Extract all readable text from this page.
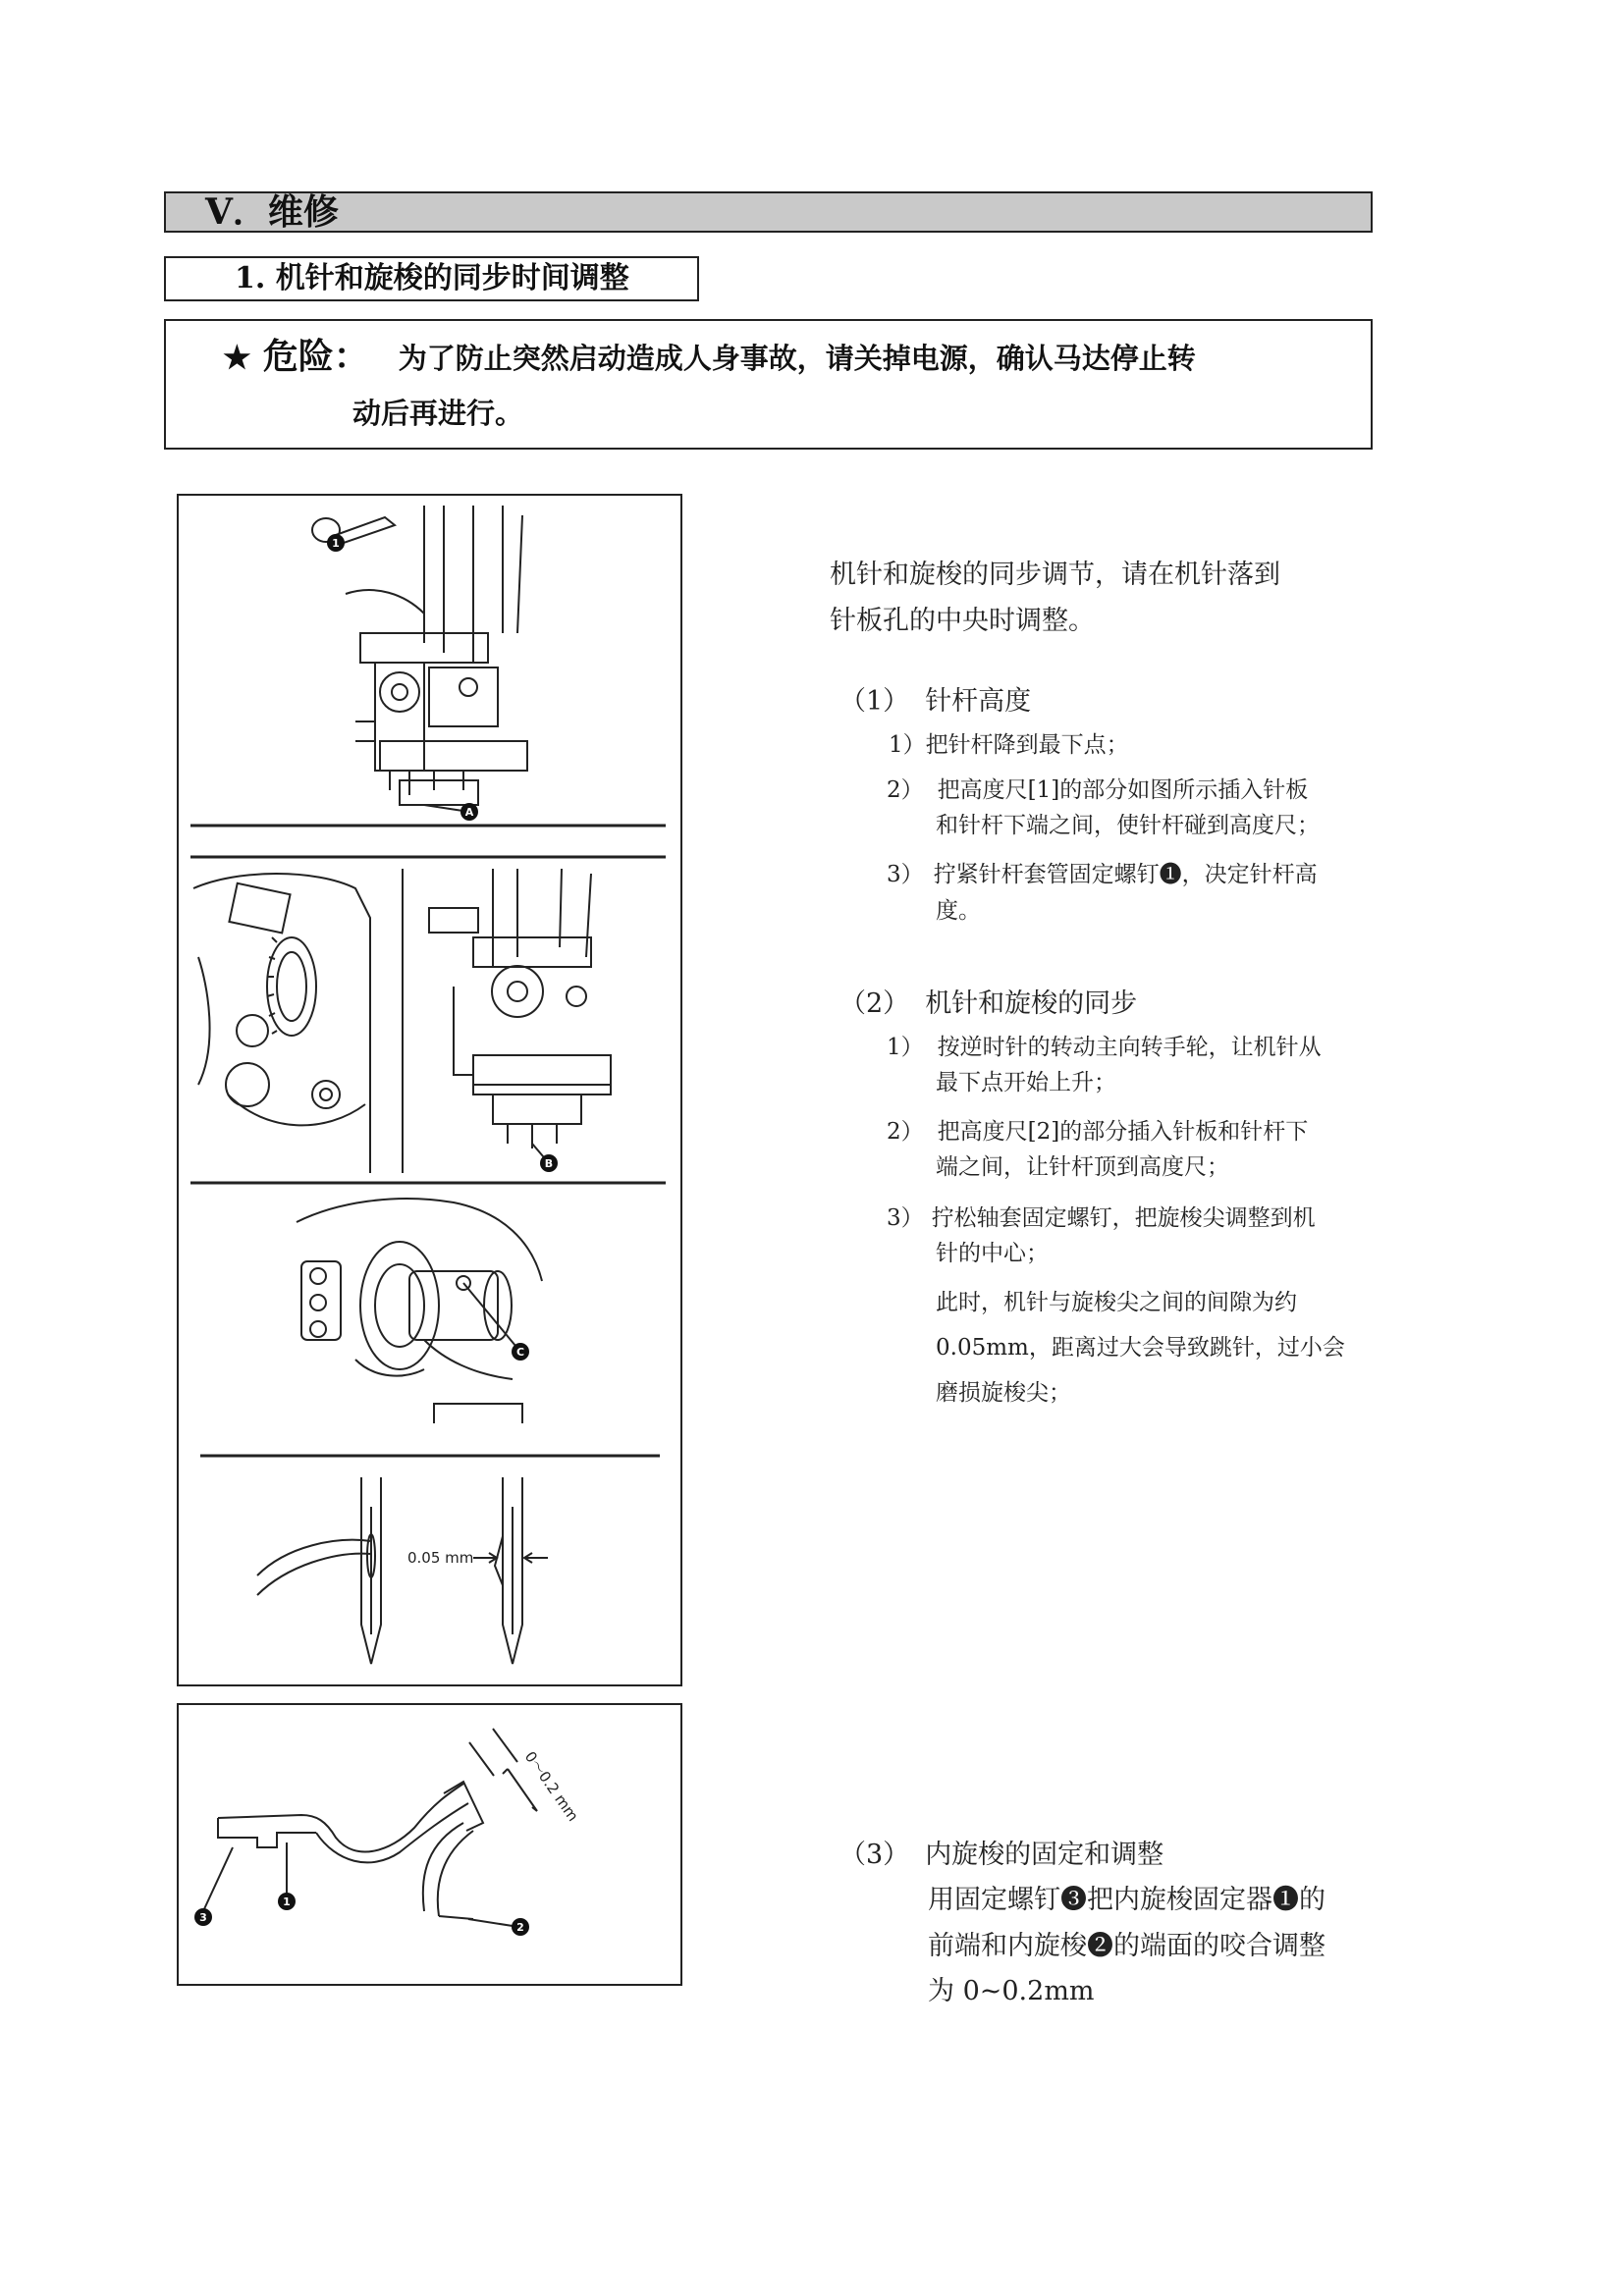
V．维修
1. 机针和旋梭的同步时间调整
★ 危险： 为了防止突然启动造成人身事故，请关掉电源，确认马达停止转
动后再进行。
1
A
B
C
0.05 mm
3
1
2
0～0.2 mm
机针和旋梭的同步调节，请在机针落到
针板孔的中央时调整。
（1） 针杆高度
1）把针杆降到最下点；
2） 把高度尺[1]的部分如图所示插入针板
和针杆下端之间，使针杆碰到高度尺；
3） 拧紧针杆套管固定螺钉❶，决定针杆高
度。
（2） 机针和旋梭的同步
1） 按逆时针的转动主向转手轮，让机针从
最下点开始上升；
2） 把高度尺[2]的部分插入针板和针杆下
端之间，让针杆顶到高度尺；
3） 拧松轴套固定螺钉，把旋梭尖调整到机
针的中心；
此时，机针与旋梭尖之间的间隙为约
0.05mm，距离过大会导致跳针，过小会
磨损旋梭尖；
（3） 内旋梭的固定和调整
用固定螺钉❸把内旋梭固定器❶的
前端和内旋梭❷的端面的咬合调整
为 0~0.2mm
